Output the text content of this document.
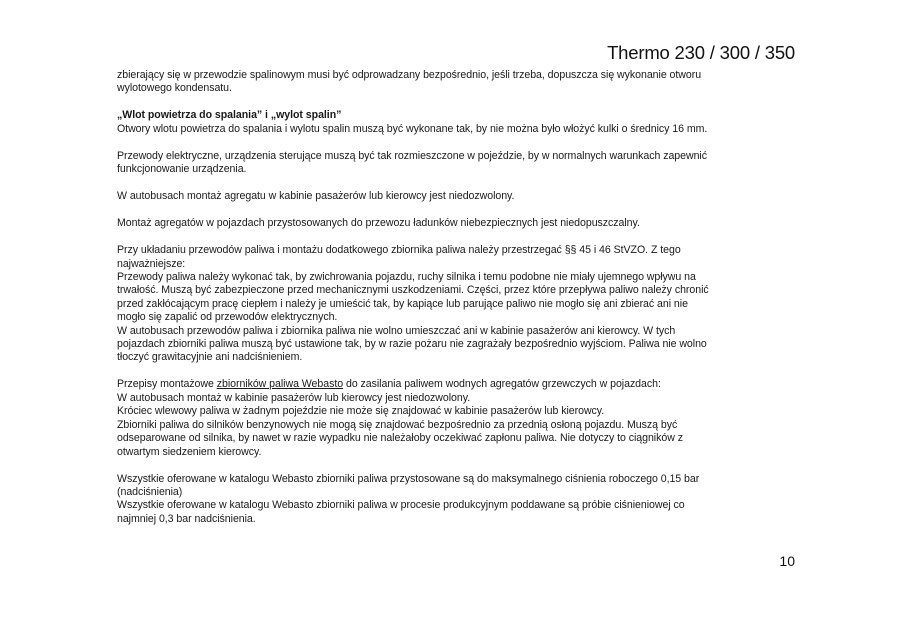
Thermo 230 / 300 / 350
zbierający się w przewodzie spalinowym musi być odprowadzany bezpośrednio, jeśli trzeba, dopuszcza się wykonanie otworu
wylotowego kondensatu.
„Wlot powietrza do spalania” i „wylot spalin”
Otwory wlotu powietrza do spalania i wylotu spalin muszą być wykonane tak, by nie można było włożyć kulki o średnicy 16 mm.
Przewody elektryczne, urządzenia sterujące muszą być tak rozmieszczone w pojeździe, by w normalnych warunkach zapewnić
funkcjonowanie urządzenia.
W autobusach montaż agregatu w kabinie pasażerów lub kierowcy jest niedozwolony.
Montaż agregatów w pojazdach przystosowanych do przewozu ładunków niebezpiecznych jest niedopuszczalny.
Przy układaniu przewodów paliwa i montażu dodatkowego zbiornika paliwa należy przestrzegać §§ 45 i 46 StVZO. Z tego
najważniejsze:
Przewody paliwa należy wykonać tak, by zwichrowania pojazdu, ruchy silnika i temu podobne nie miały ujemnego wpływu na
trwałość. Muszą być zabezpieczone przed mechanicznymi uszkodzeniami. Części, przez które przepływa paliwo należy chronić
przed zakłócającym pracę ciepłem i należy je umieścić tak, by kapiące lub parujące paliwo nie mogło się ani zbierać ani nie
mogło się zapalić od przewodów elektrycznych.
W autobusach przewodów paliwa i zbiornika paliwa nie wolno umieszczać ani w kabinie pasażerów ani kierowcy. W tych
pojazdach zbiorniki paliwa muszą być ustawione tak, by w razie pożaru nie zagrażały bezpośrednio wyjściom. Paliwa nie wolno
tłoczyć grawitacyjnie ani nadciśnieniem.
Przepisy montażowe zbiorników paliwa Webasto do zasilania paliwem wodnych agregatów grzewczych w pojazdach:
W autobusach montaż w kabinie pasażerów lub kierowcy jest niedozwolony.
Króciec wlewowy paliwa w żadnym pojeździe nie może się znajdować w kabinie pasażerów lub kierowcy.
Zbiorniki paliwa do silników benzynowych nie mogą się znajdować bezpośrednio za przednią osłoną pojazdu. Muszą być
odseparowane od silnika, by nawet w razie wypadku nie należałoby oczekiwać zapłonu paliwa. Nie dotyczy to ciągników z
otwartym siedzeniem kierowcy.
Wszystkie oferowane w katalogu Webasto zbiorniki paliwa przystosowane są do maksymalnego ciśnienia roboczego 0,15 bar
(nadciśnienia)
Wszystkie oferowane w katalogu Webasto zbiorniki paliwa w procesie produkcyjnym poddawane są próbie ciśnieniowej co
najmniej 0,3 bar nadciśnienia.
10
